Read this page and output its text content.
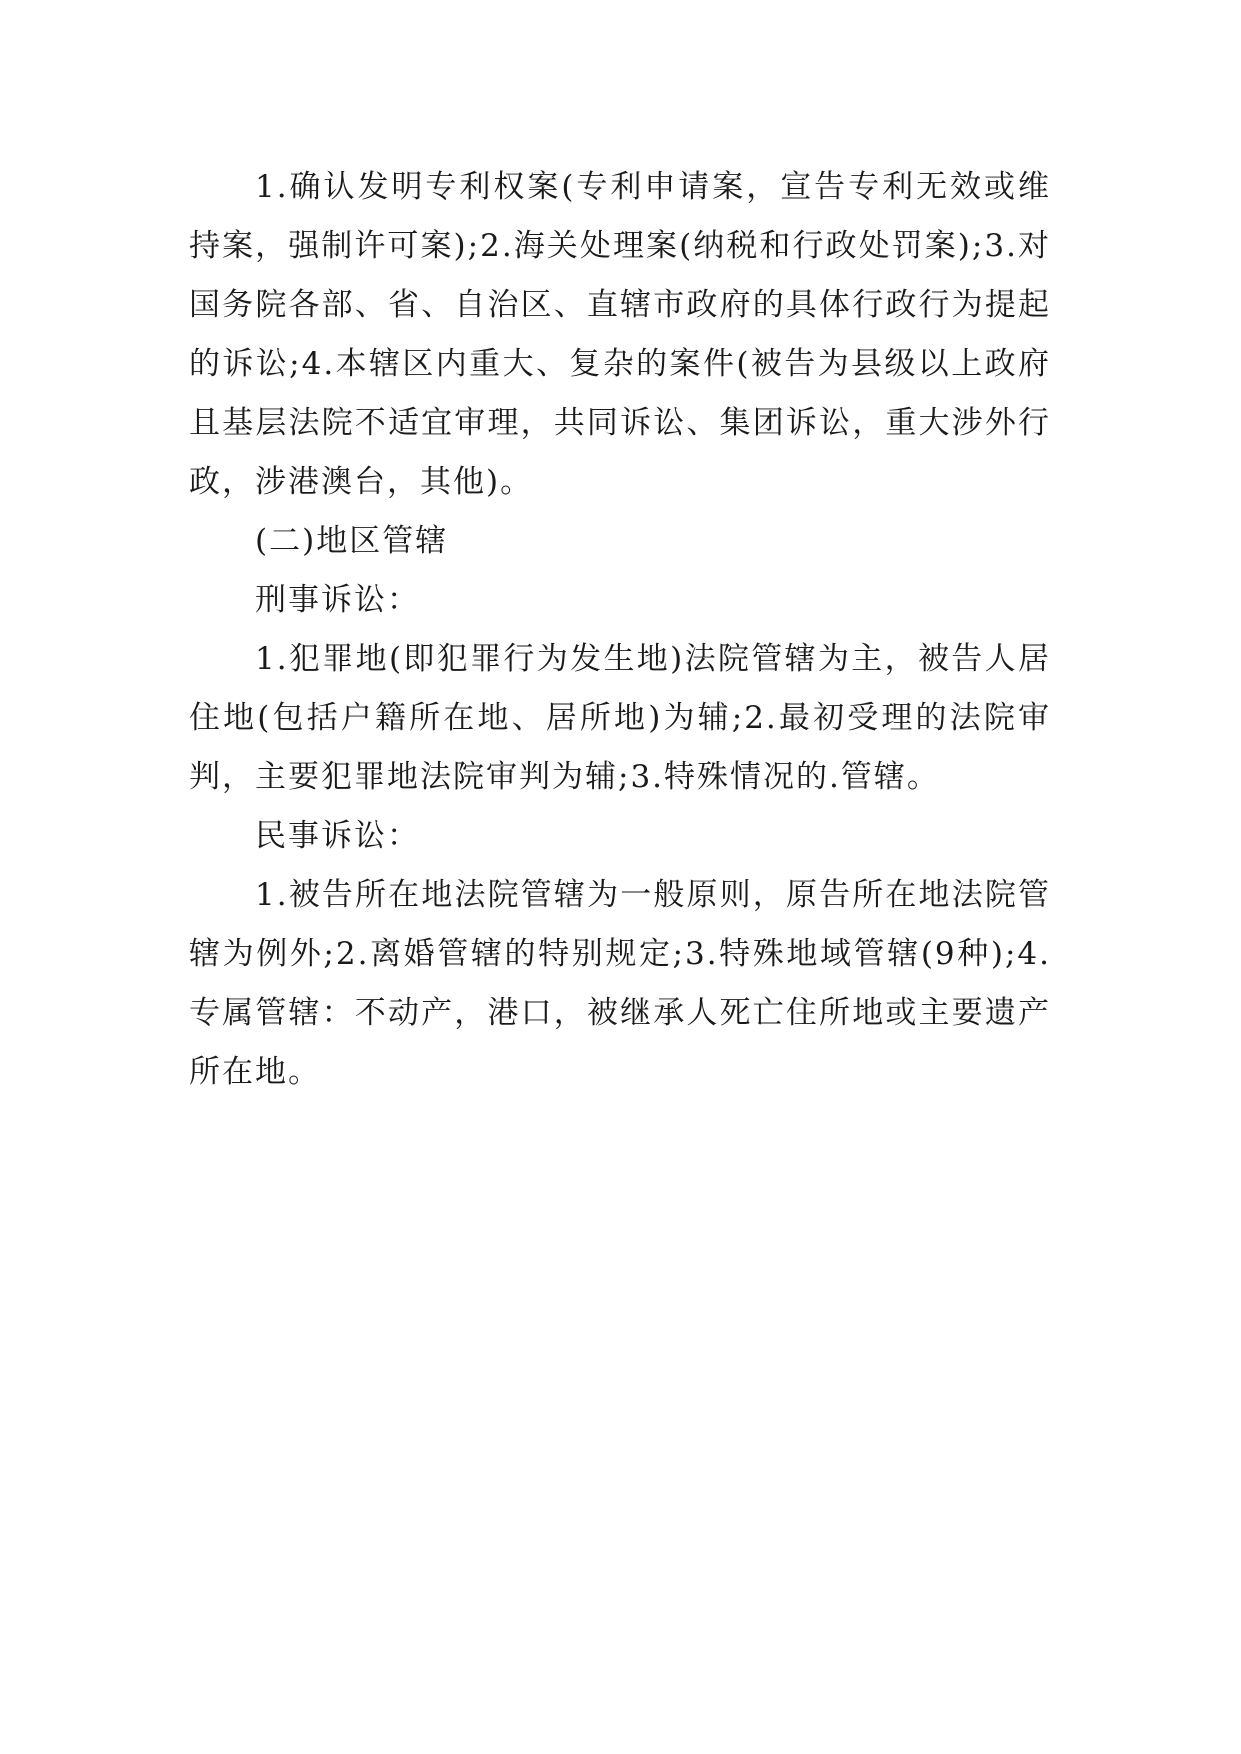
1.确认发明专利权案(专利申请案，宣告专利无效或维持案，强制许可案);2.海关处理案(纳税和行政处罚案);3.对国务院各部、省、自治区、直辖市政府的具体行政行为提起的诉讼;4.本辖区内重大、复杂的案件(被告为县级以上政府且基层法院不适宜审理，共同诉讼、集团诉讼，重大涉外行政，涉港澳台，其他)。

(二)地区管辖

刑事诉讼：

1.犯罪地(即犯罪行为发生地)法院管辖为主，被告人居住地(包括户籍所在地、居所地)为辅;2.最初受理的法院审判，主要犯罪地法院审判为辅;3.特殊情况的.管辖。

民事诉讼：

1.被告所在地法院管辖为一般原则，原告所在地法院管辖为例外;2.离婚管辖的特别规定;3.特殊地域管辖(9种);4.专属管辖：不动产，港口，被继承人死亡住所地或主要遗产所在地。
